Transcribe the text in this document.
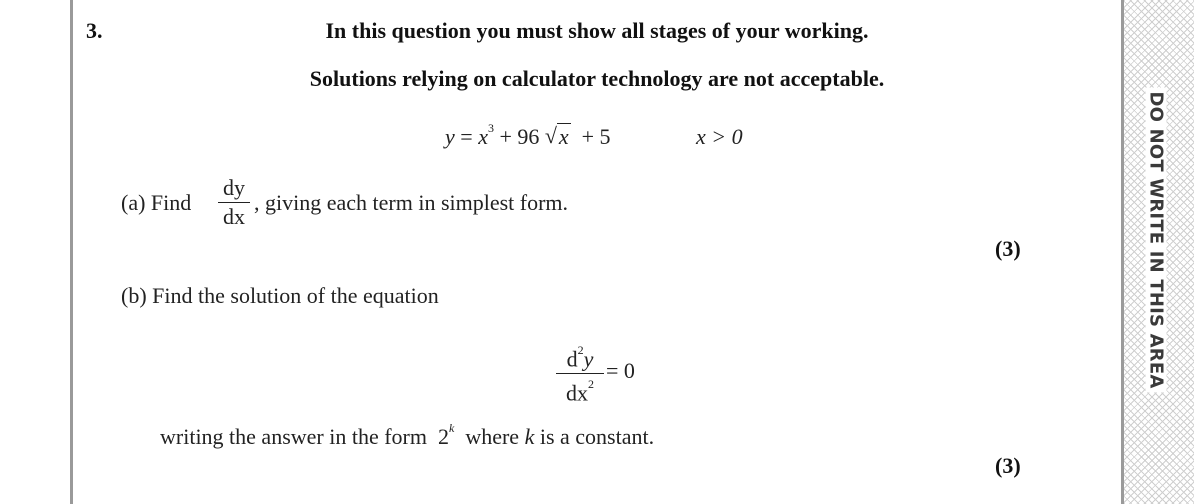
DO NOT WRITE IN THIS AREA
3.	In this question you must show all stages of your working.
Solutions relying on calculator technology are not acceptable.
$y = x^3 + 96$ √ x + 5	x > 0
(a) Find
dy
dx
, giving each term in simplest form.
(3)
(b) Find the solution of the equation
$d^2y$
$dx^2$
= 0
writing the answer in the form 2$^k$ where k is a constant.
(3)
